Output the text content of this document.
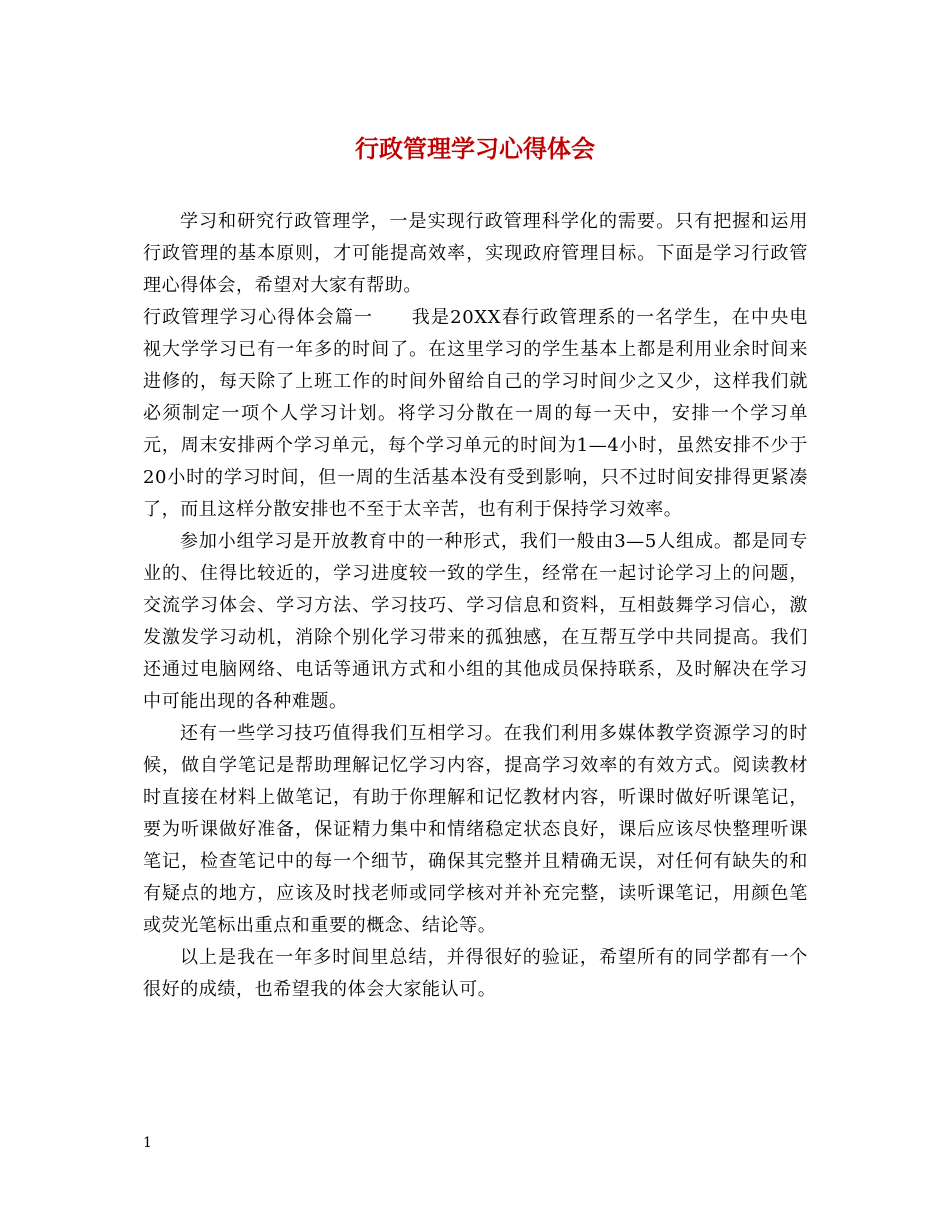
行政管理学习心得体会

学习和研究行政管理学，一是实现行政管理科学化的需要。只有把握和运用行政管理的基本原则，才可能提高效率，实现政府管理目标。下面是学习行政管理心得体会，希望对大家有帮助。

行政管理学习心得体会篇一 我是20XX春行政管理系的一名学生，在中央电视大学学习已有一年多的时间了。在这里学习的学生基本上都是利用业余时间来进修的，每天除了上班工作的时间外留给自己的学习时间少之又少，这样我们就必须制定一项个人学习计划。将学习分散在一周的每一天中，安排一个学习单元，周末安排两个学习单元，每个学习单元的时间为1—4小时，虽然安排不少于20小时的学习时间，但一周的生活基本没有受到影响，只不过时间安排得更紧凑了，而且这样分散安排也不至于太辛苦，也有利于保持学习效率。

参加小组学习是开放教育中的一种形式，我们一般由3—5人组成。都是同专业的、住得比较近的，学习进度较一致的学生，经常在一起讨论学习上的问题，交流学习体会、学习方法、学习技巧、学习信息和资料，互相鼓舞学习信心，激发激发学习动机，消除个别化学习带来的孤独感，在互帮互学中共同提高。我们还通过电脑网络、电话等通讯方式和小组的其他成员保持联系，及时解决在学习中可能出现的各种难题。

还有一些学习技巧值得我们互相学习。在我们利用多媒体教学资源学习的时候，做自学笔记是帮助理解记忆学习内容，提高学习效率的有效方式。阅读教材时直接在材料上做笔记，有助于你理解和记忆教材内容，听课时做好听课笔记，要为听课做好准备，保证精力集中和情绪稳定状态良好，课后应该尽快整理听课笔记，检查笔记中的每一个细节，确保其完整并且精确无误，对任何有缺失的和有疑点的地方，应该及时找老师或同学核对并补充完整，读听课笔记，用颜色笔或荧光笔标出重点和重要的概念、结论等。

以上是我在一年多时间里总结，并得很好的验证，希望所有的同学都有一个很好的成绩，也希望我的体会大家能认可。

1
